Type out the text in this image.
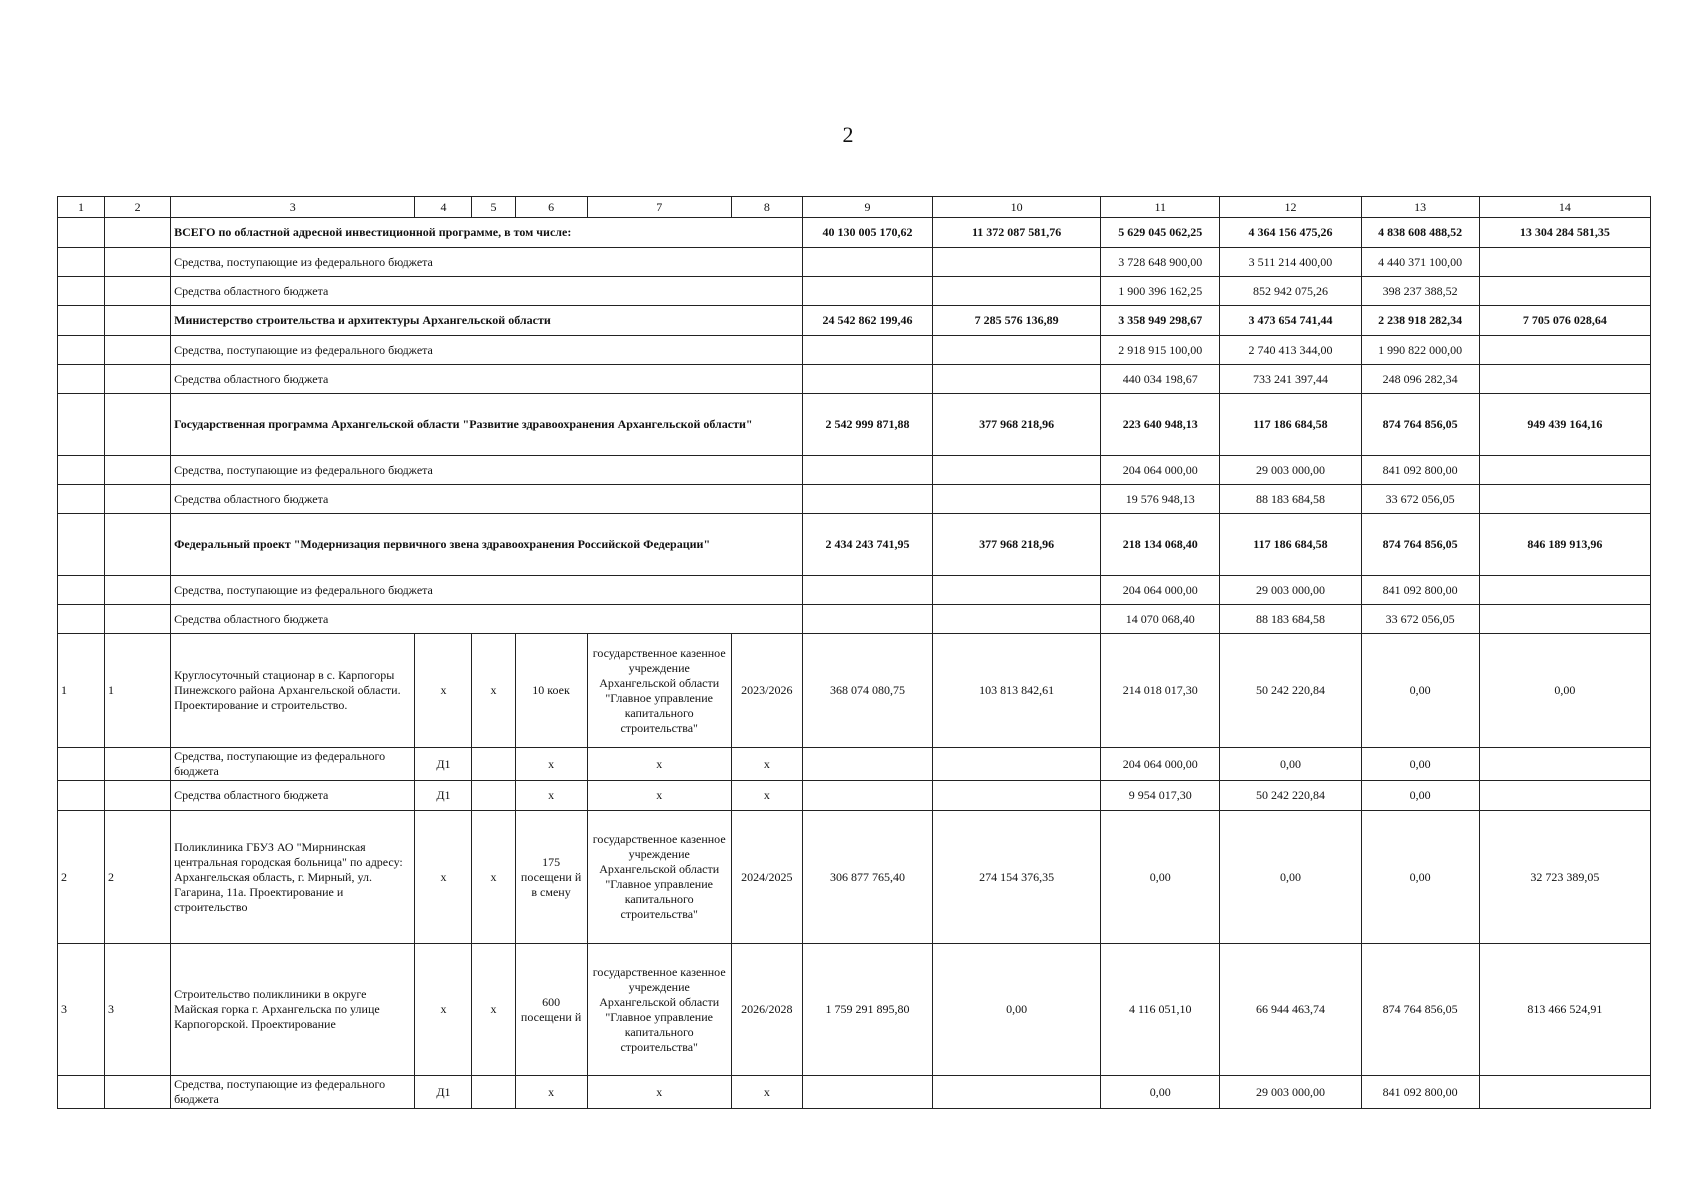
2
1	2	3	4	5	6	7	8	9	10	11	12	13	14
		ВСЕГО по областной адресной инвестиционной программе, в том числе:						40 130 005 170,62	11 372 087 581,76	5 629 045 062,25	4 364 156 475,26	4 838 608 488,52	13 304 284 581,35
		Средства, поступающие из федерального бюджета								3 728 648 900,00	3 511 214 400,00	4 440 371 100,00	
		Средства областного бюджета								1 900 396 162,25	852 942 075,26	398 237 388,52	
		Министерство строительства и архитектуры Архангельской области						24 542 862 199,46	7 285 576 136,89	3 358 949 298,67	3 473 654 741,44	2 238 918 282,34	7 705 076 028,64
		Средства, поступающие из федерального бюджета								2 918 915 100,00	2 740 413 344,00	1 990 822 000,00	
		Средства областного бюджета								440 034 198,67	733 241 397,44	248 096 282,34	
		Государственная программа Архангельской области "Развитие здравоохранения Архангельской области"						2 542 999 871,88	377 968 218,96	223 640 948,13	117 186 684,58	874 764 856,05	949 439 164,16
		Средства, поступающие из федерального бюджета								204 064 000,00	29 003 000,00	841 092 800,00	
		Средства областного бюджета								19 576 948,13	88 183 684,58	33 672 056,05	
		Федеральный проект "Модернизация первичного звена здравоохранения Российской Федерации"						2 434 243 741,95	377 968 218,96	218 134 068,40	117 186 684,58	874 764 856,05	846 189 913,96
		Средства, поступающие из федерального бюджета								204 064 000,00	29 003 000,00	841 092 800,00	
		Средства областного бюджета								14 070 068,40	88 183 684,58	33 672 056,05	
1	1	Круглосуточный стационар в с. Карпогоры Пинежского района Архангельской области. Проектирование и строительство.	х	х	10 коек	государственное казенное учреждение Архангельской области "Главное управление капитального строительства"	2023/2026	368 074 080,75	103 813 842,61	214 018 017,30	50 242 220,84	0,00	0,00
		Средства, поступающие из федерального бюджета	Д1		х	х	х			204 064 000,00	0,00	0,00	
		Средства областного бюджета	Д1		х	х	х			9 954 017,30	50 242 220,84	0,00	
2	2	Поликлиника ГБУЗ АО "Мирнинская центральная городская больница" по адресу: Архангельская область, г. Мирный, ул. Гагарина, 11а. Проектирование и строительство	х	х	175 посещени й в смену	государственное казенное учреждение Архангельской области "Главное управление капитального строительства"	2024/2025	306 877 765,40	274 154 376,35	0,00	0,00	0,00	32 723 389,05
3	3	Строительство поликлиники в округе Майская горка г. Архангельска по улице Карпогорской. Проектирование	х	х	600 посещени й	государственное казенное учреждение Архангельской области "Главное управление капитального строительства"	2026/2028	1 759 291 895,80	0,00	4 116 051,10	66 944 463,74	874 764 856,05	813 466 524,91
		Средства, поступающие из федерального бюджета	Д1		х	х	х			0,00	29 003 000,00	841 092 800,00	
